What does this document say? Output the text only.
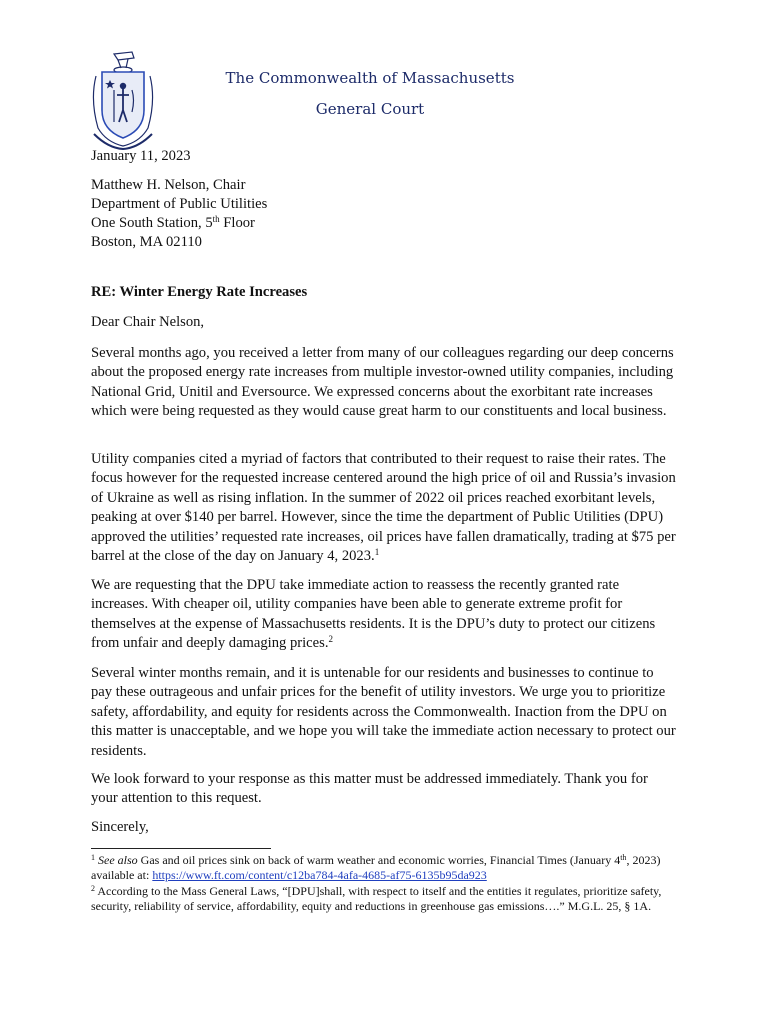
The Commonwealth of Massachusetts
General Court
January 11, 2023
Matthew H. Nelson, Chair
Department of Public Utilities
One South Station, 5th Floor
Boston, MA 02110
RE: Winter Energy Rate Increases
Dear Chair Nelson,

Several months ago, you received a letter from many of our colleagues regarding our deep concerns about the proposed energy rate increases from multiple investor-owned utility companies, including National Grid, Unitil and Eversource. We expressed concerns about the exorbitant rate increases which were being requested as they would cause great harm to our constituents and local business.

Utility companies cited a myriad of factors that contributed to their request to raise their rates. The focus however for the requested increase centered around the high price of oil and Russia’s invasion of Ukraine as well as rising inflation. In the summer of 2022 oil prices reached exorbitant levels, peaking at over $140 per barrel. However, since the time the department of Public Utilities (DPU) approved the utilities’ requested rate increases, oil prices have fallen dramatically, trading at $75 per barrel at the close of the day on January 4, 2023.$^1$

We are requesting that the DPU take immediate action to reassess the recently granted rate increases. With cheaper oil, utility companies have been able to generate extreme profit for themselves at the expense of Massachusetts residents. It is the DPU’s duty to protect our citizens from unfair and deeply damaging prices.$^2$

Several winter months remain, and it is untenable for our residents and businesses to continue to pay these outrageous and unfair prices for the benefit of utility investors. We urge you to prioritize safety, affordability, and equity for residents across the Commonwealth. Inaction from the DPU on this matter is unacceptable, and we hope you will take the immediate action necessary to protect our residents.

We look forward to your response as this matter must be addressed immediately. Thank you for your attention to this request.

Sincerely,
$^1$ See also Gas and oil prices sink on back of warm weather and economic worries, Financial Times (January 4th, 2023) available at: https://www.ft.com/content/c12ba784-4afa-4685-af75-6135b95da923
$^2$ According to the Mass General Laws, “[DPU]shall, with respect to itself and the entities it regulates, prioritize safety, security, reliability of service, affordability, equity and reductions in greenhouse gas emissions….” M.G.L. 25, § 1A.
